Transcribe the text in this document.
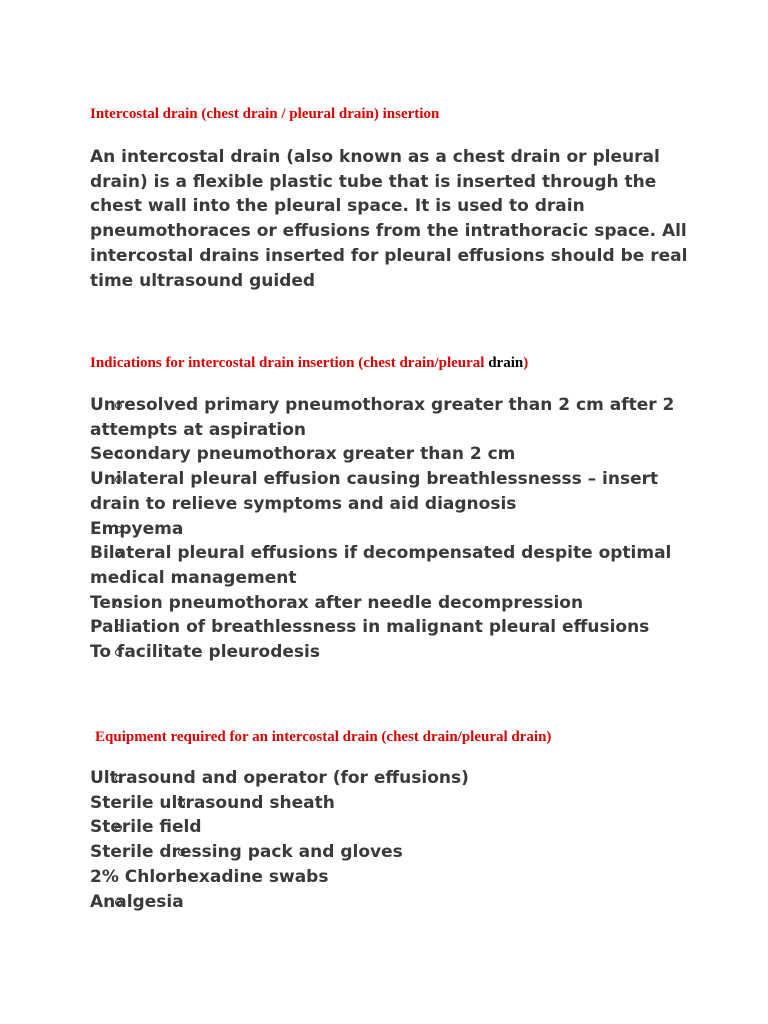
Intercostal drain (chest drain / pleural drain) insertion

An intercostal drain (also known as a chest drain or pleural drain) is a flexible plastic tube that is inserted through the chest wall into the pleural space. It is used to drain pneumothoraces or effusions from the intrathoracic space. All intercostal drains inserted for pleural effusions should be real time ultrasound guided

Indications for intercostal drain insertion (chest drain/pleural drain)
Unresolved primary pneumothorax greater than 2 cm after 2 attempts at aspiration
Secondary pneumothorax greater than 2 cm
Unilateral pleural effusion causing breathlessnesss – insert drain to relieve symptoms and aid diagnosis
Empyema
Bilateral pleural effusions if decompensated despite optimal medical management
Tension pneumothorax after needle decompression
Palliation of breathlessness in malignant pleural effusions
To facilitate pleurodesis
Equipment required for an intercostal drain (chest drain/pleural drain)
Ultrasound and operator (for effusions)
Sterile ultrasound sheath
Sterile field
Sterile dressing pack and gloves
2% Chlorhexadine swabs
Analgesia
